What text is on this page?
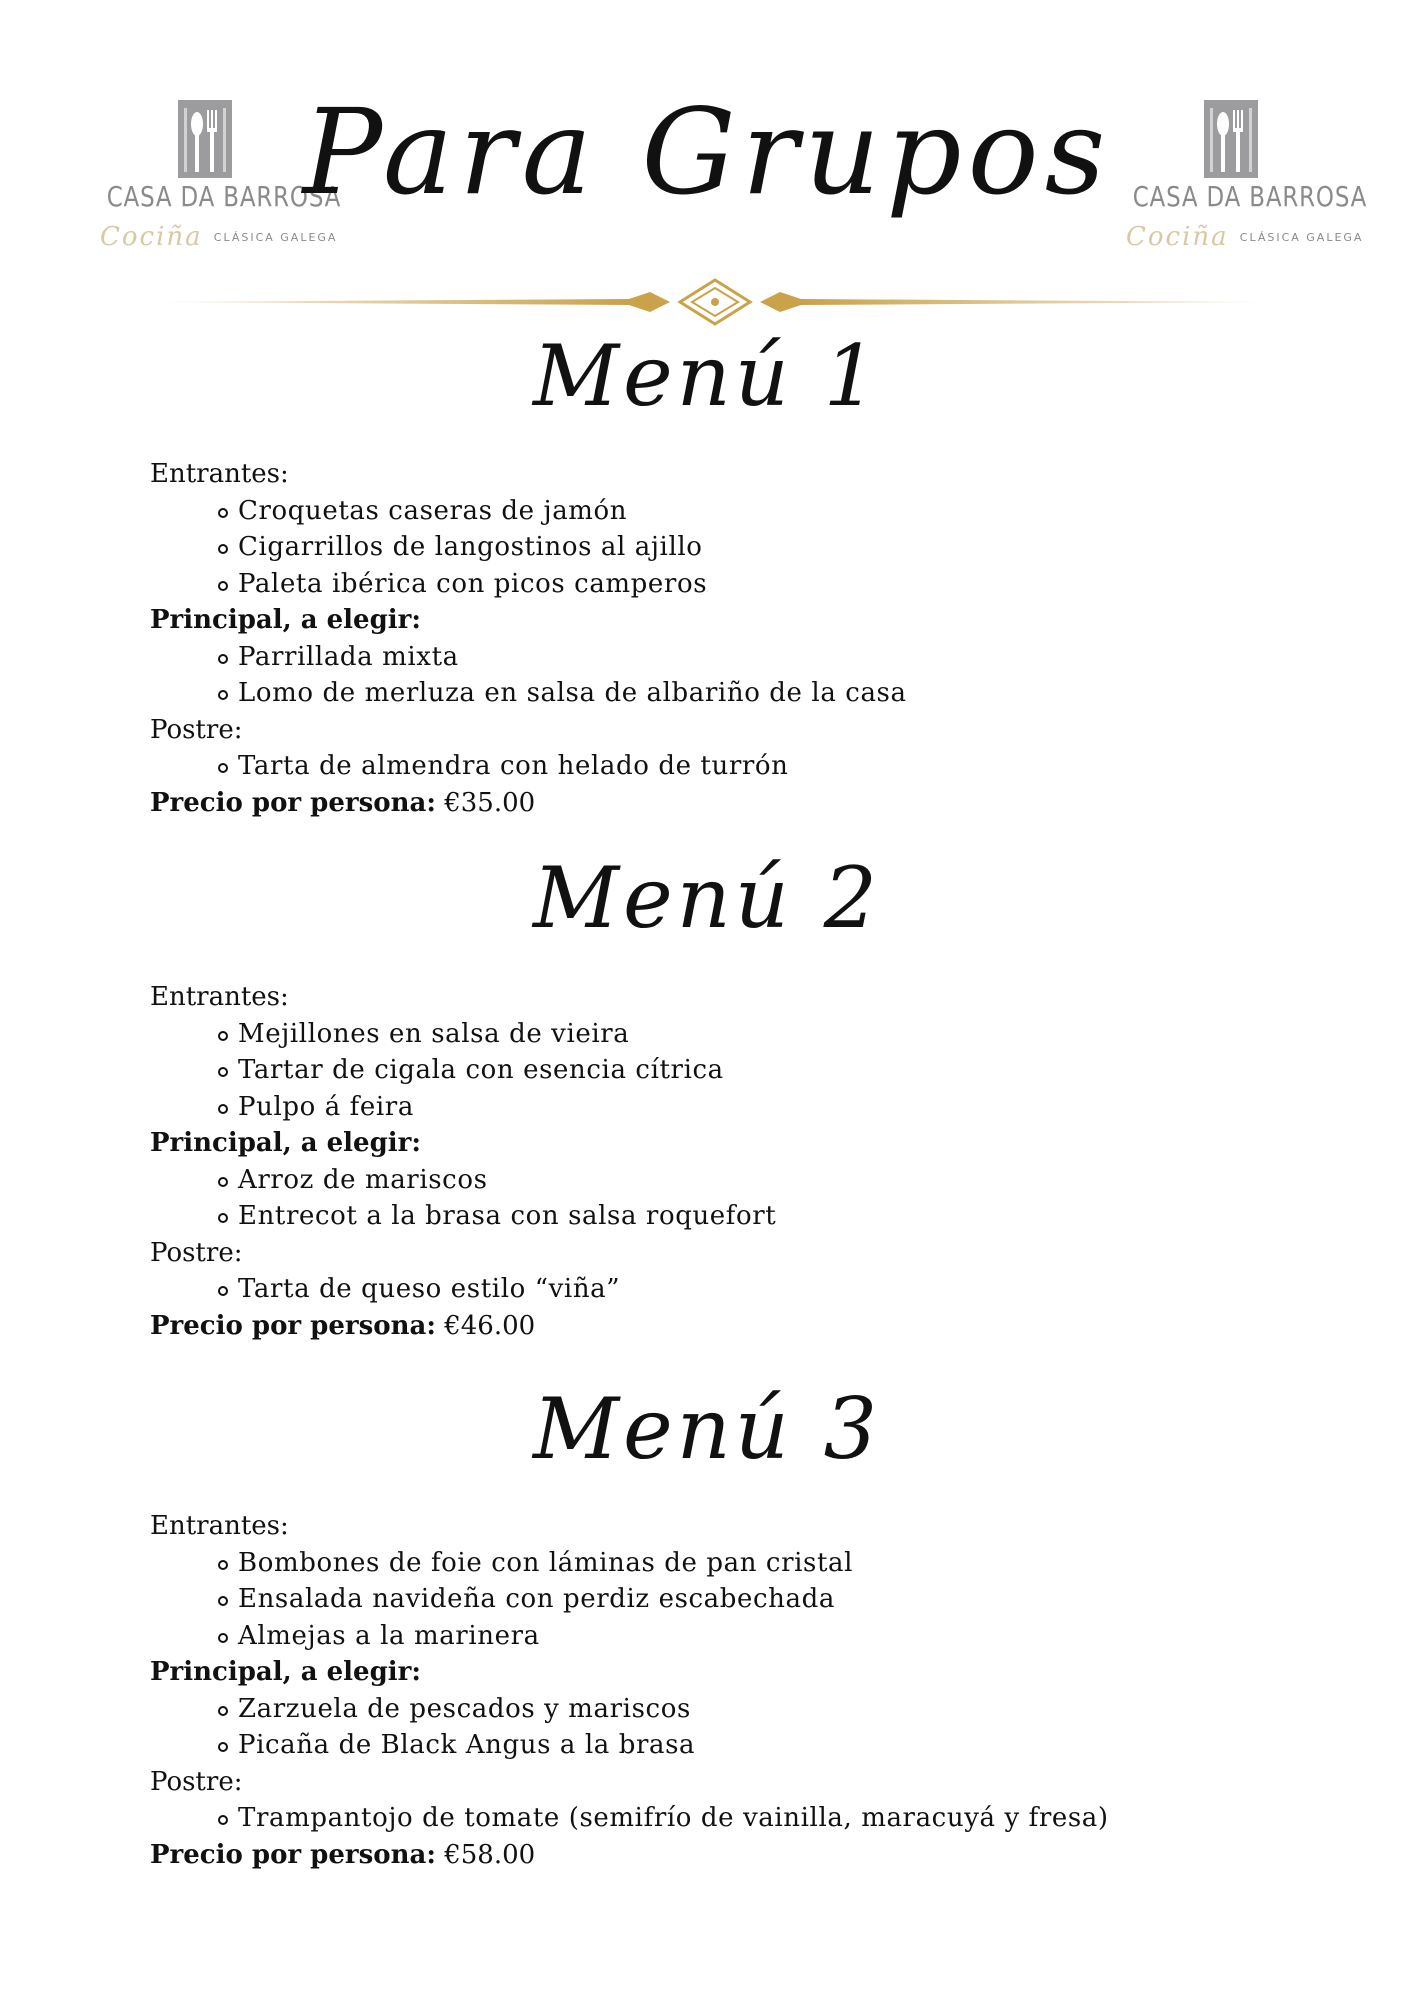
CASA DA BARROSA
Cociña $^{CLÁSICA GALEGA}$
Para Grupos CASA DA BARROSA
Cociña $^{CLÁSICA GALEGA}$
Menú 1
Entrantes:
Croquetas caseras de jamón
Cigarrillos de langostinos al ajillo
Paleta ibérica con picos camperos
Principal, a elegir:
Parrillada mixta
Lomo de merluza en salsa de albariño de la casa
Postre:
Tarta de almendra con helado de turrón
Precio por persona: €35.00
Menú 2
Entrantes:
Mejillones en salsa de vieira
Tartar de cigala con esencia cítrica
Pulpo á feira
Principal, a elegir:
Arroz de mariscos
Entrecot a la brasa con salsa roquefort
Postre:
Tarta de queso estilo “viña”
Precio por persona: €46.00
Menú 3
Entrantes:
Bombones de foie con láminas de pan cristal
Ensalada navideña con perdiz escabechada
Almejas a la marinera
Principal, a elegir:
Zarzuela de pescados y mariscos
Picaña de Black Angus a la brasa
Postre:
Trampantojo de tomate (semifrío de vainilla, maracuyá y fresa)
Precio por persona: €58.00
